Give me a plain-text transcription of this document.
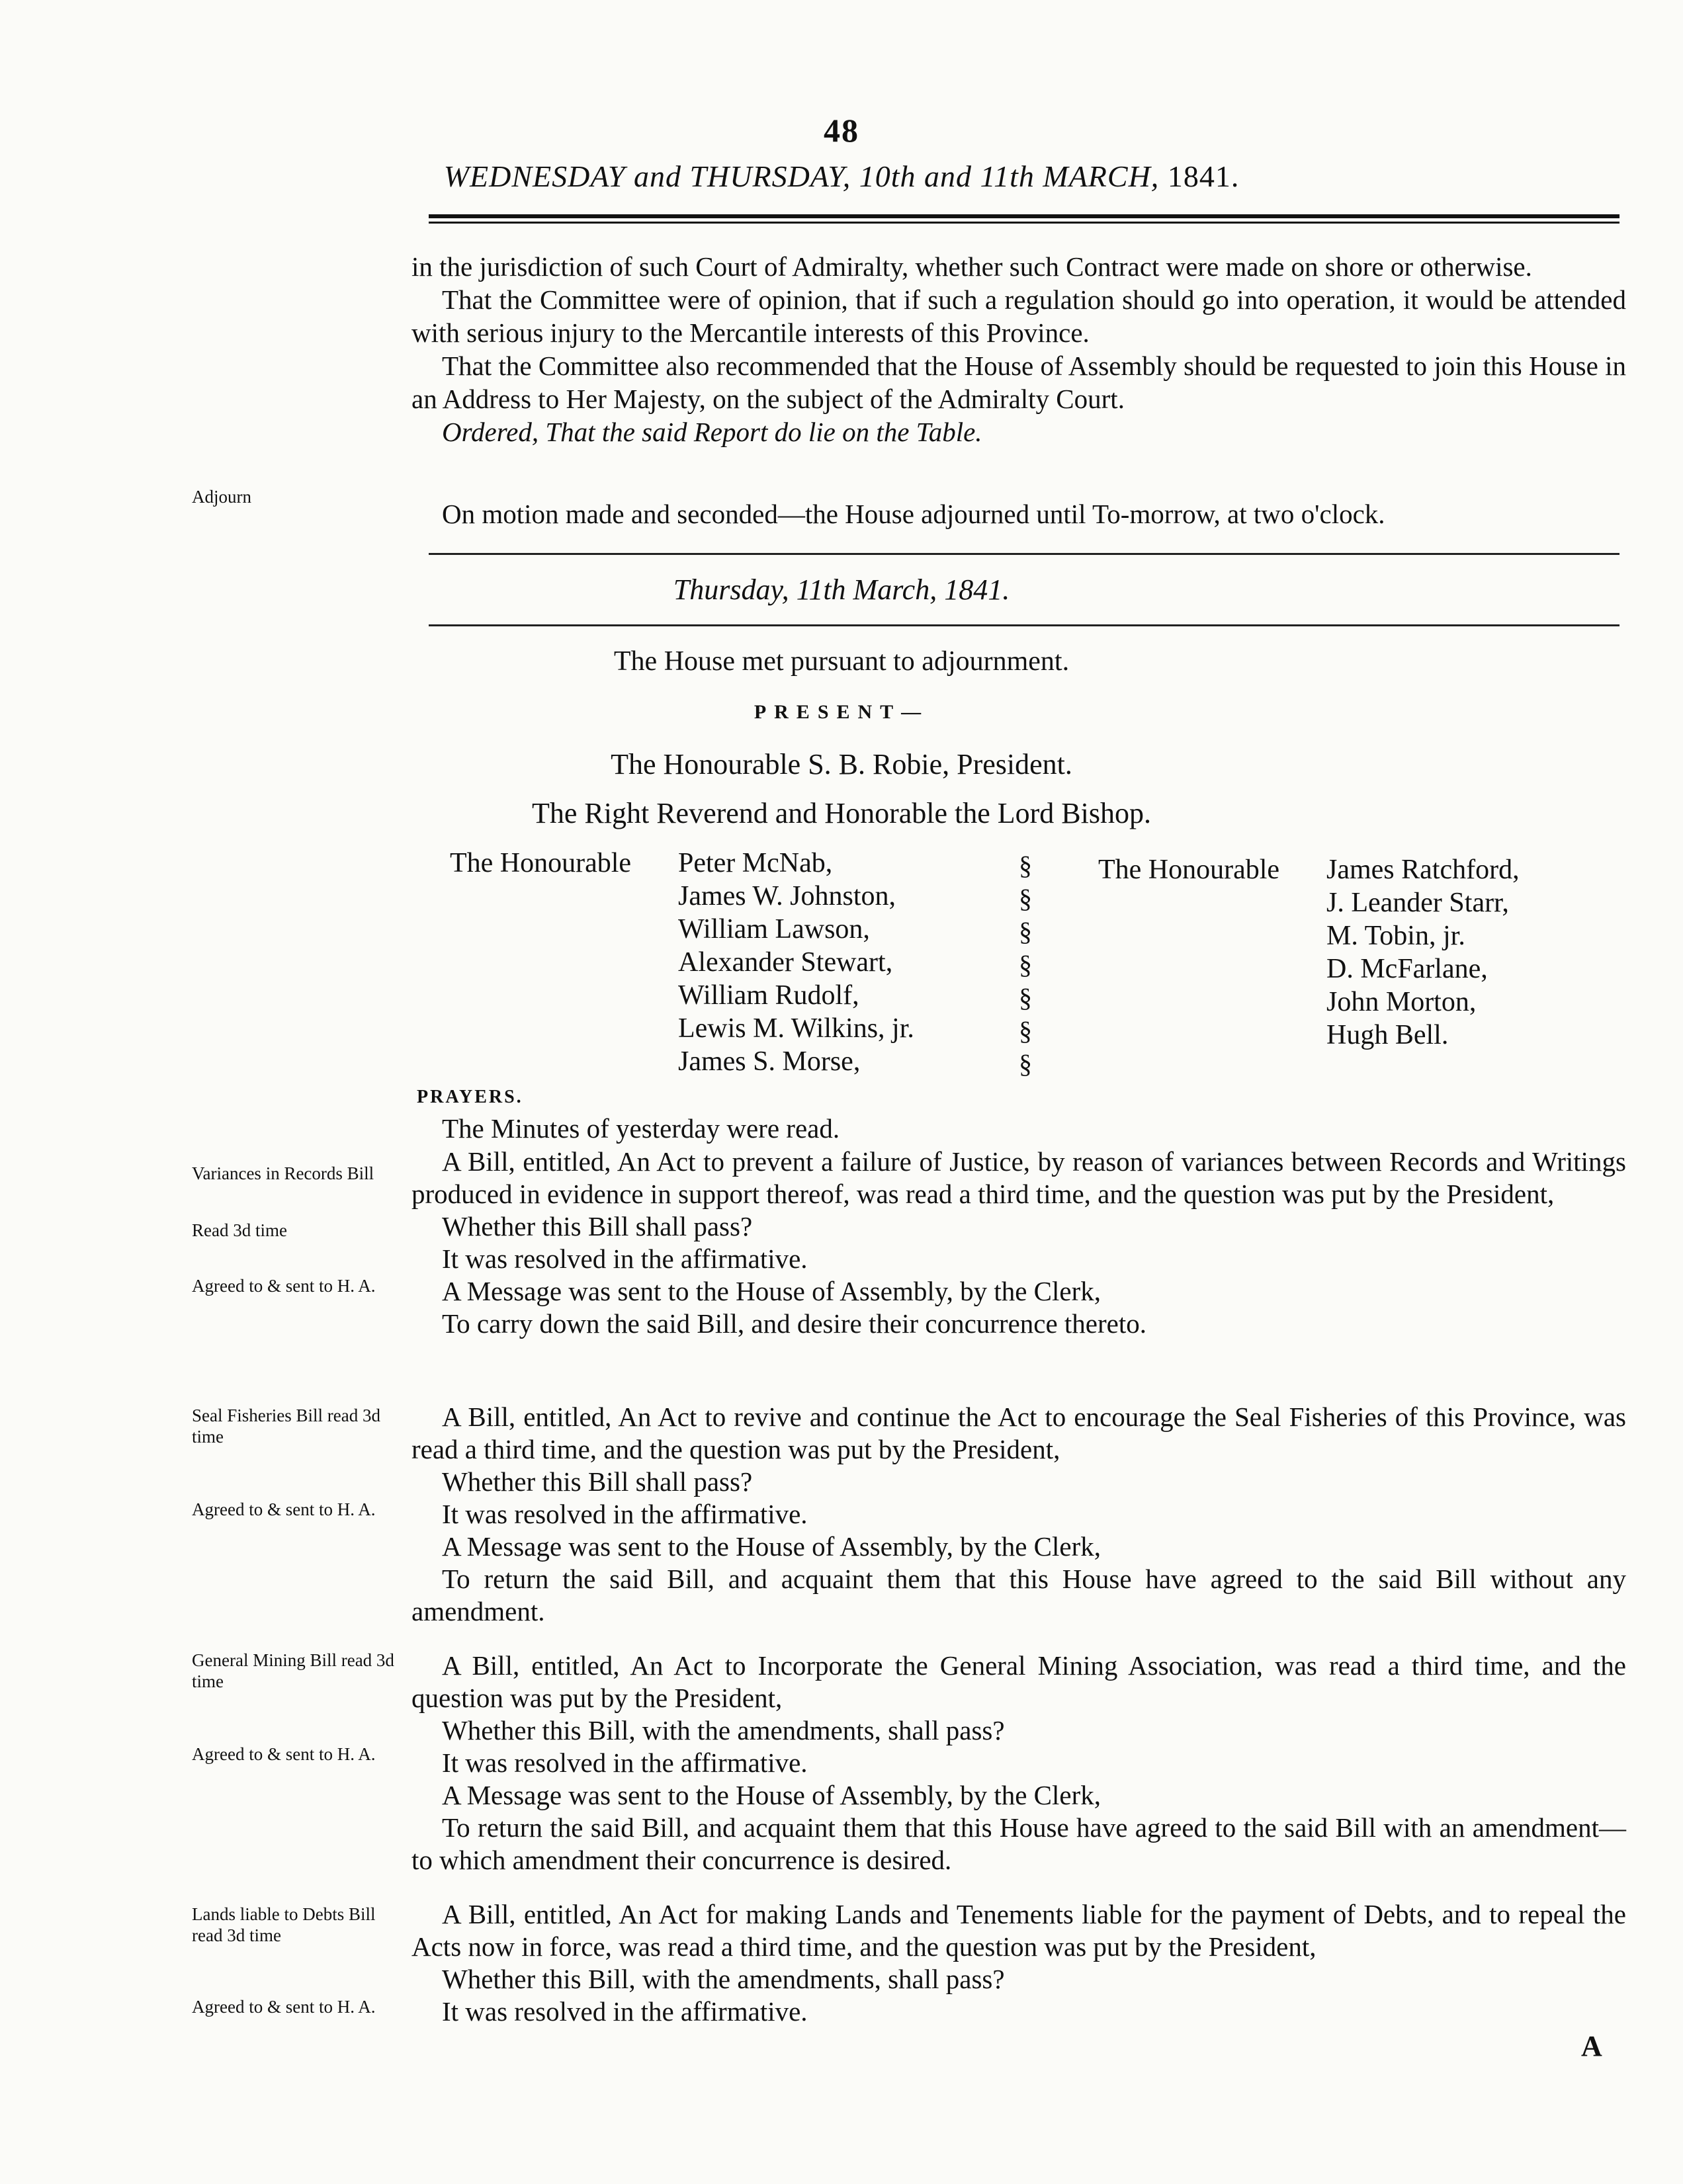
48
WEDNESDAY and THURSDAY, 10th and 11th MARCH, 1841.

in the jurisdiction of such Court of Admiralty, whether such Contract were made on shore or otherwise.

That the Committee were of opinion, that if such a regulation should go into operation, it would be attended with serious injury to the Mercantile interests of this Province.

That the Committee also recommended that the House of Assembly should be requested to join this House in an Address to Her Majesty, on the subject of the Admiralty Court.

Ordered, That the said Report do lie on the Table.

Adjourn

On motion made and seconded—the House adjourned until To-morrow, at two o'clock.

Thursday, 11th March, 1841.
The House met pursuant to adjournment.
PRESENT—
The Honourable S. B. Robie, President.
The Right Reverend and Honorable the Lord Bishop.
The Honourable Peter McNab,
James W. Johnston,
William Lawson,
Alexander Stewart,
William Rudolf,
Lewis M. Wilkins, jr.
James S. Morse,
§
§
§
§
§
§
§
The Honourable James Ratchford,
J. Leander Starr,
M. Tobin, jr.
D. McFarlane,
John Morton,
Hugh Bell.
PRAYERS.

The Minutes of yesterday were read.

Variances in Records Bill
Read 3d time
Agreed to & sent to H. A.

A Bill, entitled, An Act to prevent a failure of Justice, by reason of variances between Records and Writings produced in evidence in support thereof, was read a third time, and the question was put by the President,

Whether this Bill shall pass?

It was resolved in the affirmative.

A Message was sent to the House of Assembly, by the Clerk,

To carry down the said Bill, and desire their concurrence thereto.

Seal Fisheries Bill read 3d time
Agreed to & sent to H. A.

A Bill, entitled, An Act to revive and continue the Act to encourage the Seal Fisheries of this Province, was read a third time, and the question was put by the President,

Whether this Bill shall pass?

It was resolved in the affirmative.

A Message was sent to the House of Assembly, by the Clerk,

To return the said Bill, and acquaint them that this House have agreed to the said Bill without any amendment.

General Mining Bill read 3d time
Agreed to & sent to H. A.

A Bill, entitled, An Act to Incorporate the General Mining Association, was read a third time, and the question was put by the President,

Whether this Bill, with the amendments, shall pass?

It was resolved in the affirmative.

A Message was sent to the House of Assembly, by the Clerk,

To return the said Bill, and acquaint them that this House have agreed to the said Bill with an amendment—to which amendment their concurrence is desired.

Lands liable to Debts Bill read 3d time
Agreed to & sent to H. A.

A Bill, entitled, An Act for making Lands and Tenements liable for the payment of Debts, and to repeal the Acts now in force, was read a third time, and the question was put by the President,

Whether this Bill, with the amendments, shall pass?

It was resolved in the affirmative.

A
